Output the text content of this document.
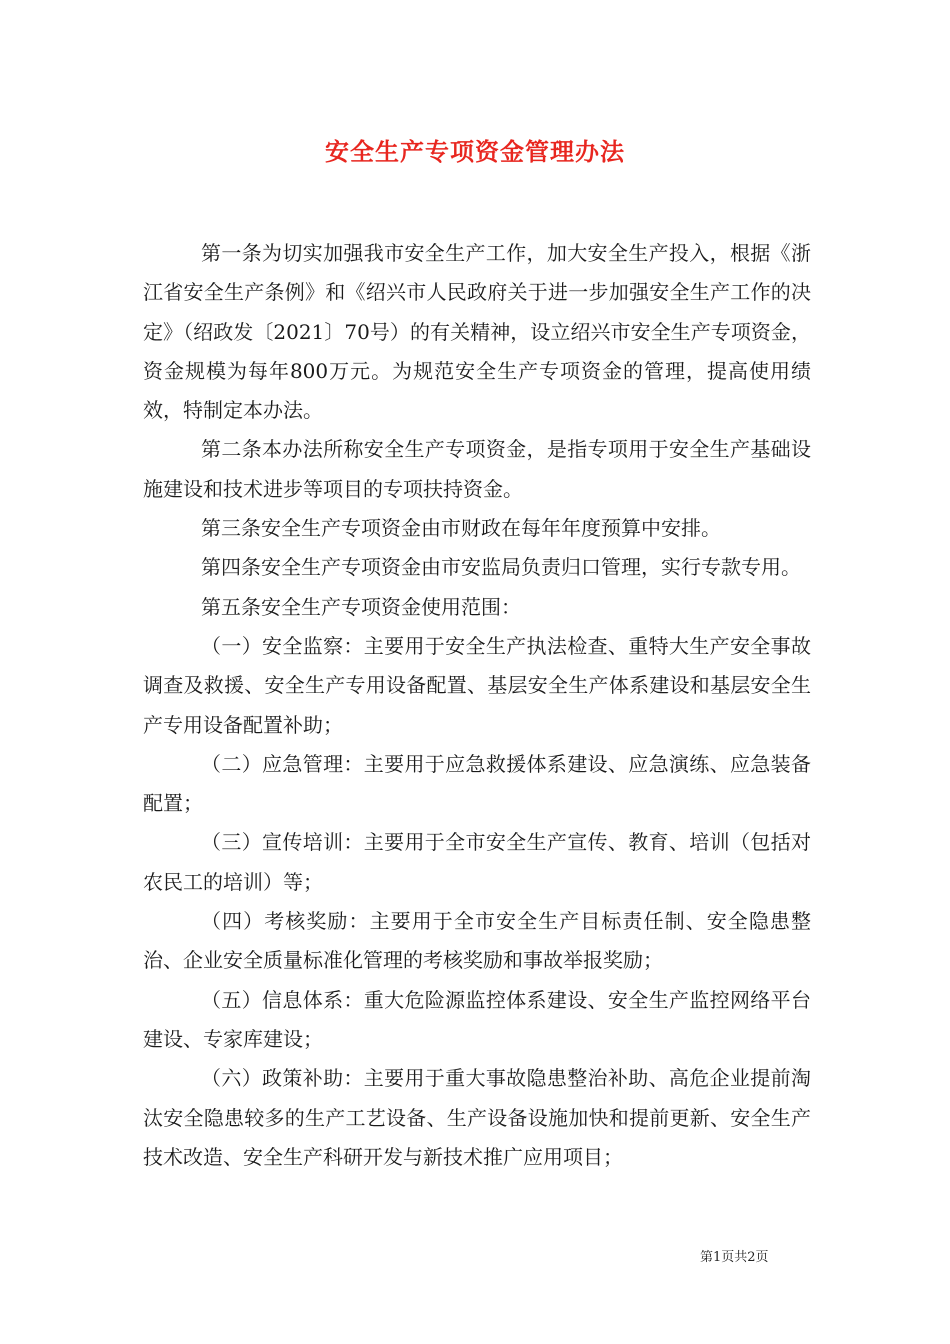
安全生产专项资金管理办法

第一条为切实加强我市安全生产工作，加大安全生产投入，根据《浙江省安全生产条例》和《绍兴市人民政府关于进一步加强安全生产工作的决定》（绍政发〔2021〕70号）的有关精神，设立绍兴市安全生产专项资金，资金规模为每年800万元。为规范安全生产专项资金的管理，提高使用绩效，特制定本办法。

第二条本办法所称安全生产专项资金，是指专项用于安全生产基础设施建设和技术进步等项目的专项扶持资金。

第三条安全生产专项资金由市财政在每年年度预算中安排。

第四条安全生产专项资金由市安监局负责归口管理，实行专款专用。

第五条安全生产专项资金使用范围：

（一）安全监察：主要用于安全生产执法检查、重特大生产安全事故调查及救援、安全生产专用设备配置、基层安全生产体系建设和基层安全生产专用设备配置补助；

（二）应急管理：主要用于应急救援体系建设、应急演练、应急装备配置；

（三）宣传培训：主要用于全市安全生产宣传、教育、培训（包括对农民工的培训）等；

（四）考核奖励：主要用于全市安全生产目标责任制、安全隐患整治、企业安全质量标准化管理的考核奖励和事故举报奖励；

（五）信息体系：重大危险源监控体系建设、安全生产监控网络平台建设、专家库建设；

（六）政策补助：主要用于重大事故隐患整治补助、高危企业提前淘汰安全隐患较多的生产工艺设备、生产设备设施加快和提前更新、安全生产技术改造、安全生产科研开发与新技术推广应用项目；

第1页共2页
